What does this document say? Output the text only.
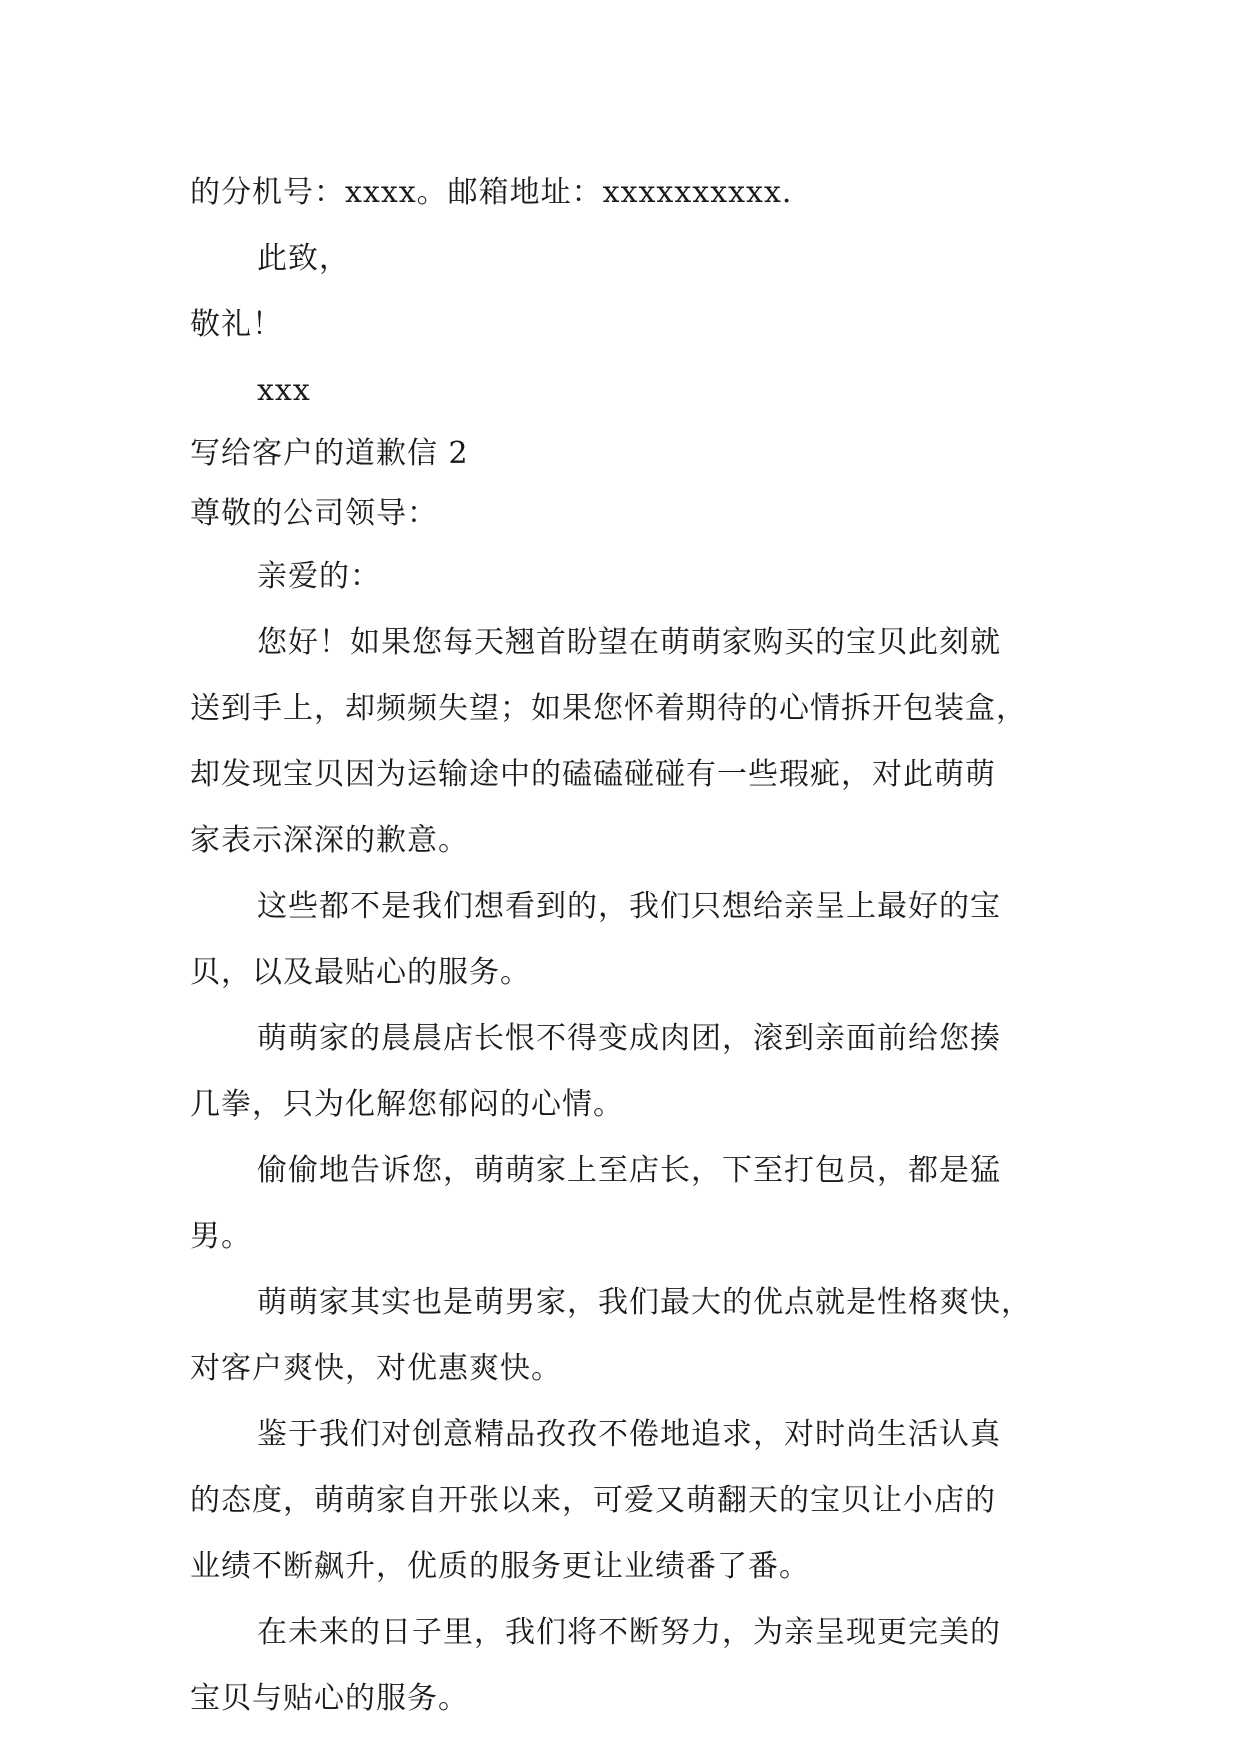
的分机号：xxxx。邮箱地址：xxxxxxxxxx.
此致，
敬礼！
xxx
写给客户的道歉信 2
尊敬的公司领导：
亲爱的：
您好！如果您每天翘首盼望在萌萌家购买的宝贝此刻就
送到手上，却频频失望；如果您怀着期待的心情拆开包装盒，
却发现宝贝因为运输途中的磕磕碰碰有一些瑕疵，对此萌萌
家表示深深的歉意。
这些都不是我们想看到的，我们只想给亲呈上最好的宝
贝，以及最贴心的服务。
萌萌家的晨晨店长恨不得变成肉团，滚到亲面前给您揍
几拳，只为化解您郁闷的心情。
偷偷地告诉您，萌萌家上至店长，下至打包员，都是猛
男。
萌萌家其实也是萌男家，我们最大的优点就是性格爽快，
对客户爽快，对优惠爽快。
鉴于我们对创意精品孜孜不倦地追求，对时尚生活认真
的态度，萌萌家自开张以来，可爱又萌翻天的宝贝让小店的
业绩不断飙升，优质的服务更让业绩番了番。
在未来的日子里，我们将不断努力，为亲呈现更完美的
宝贝与贴心的服务。
